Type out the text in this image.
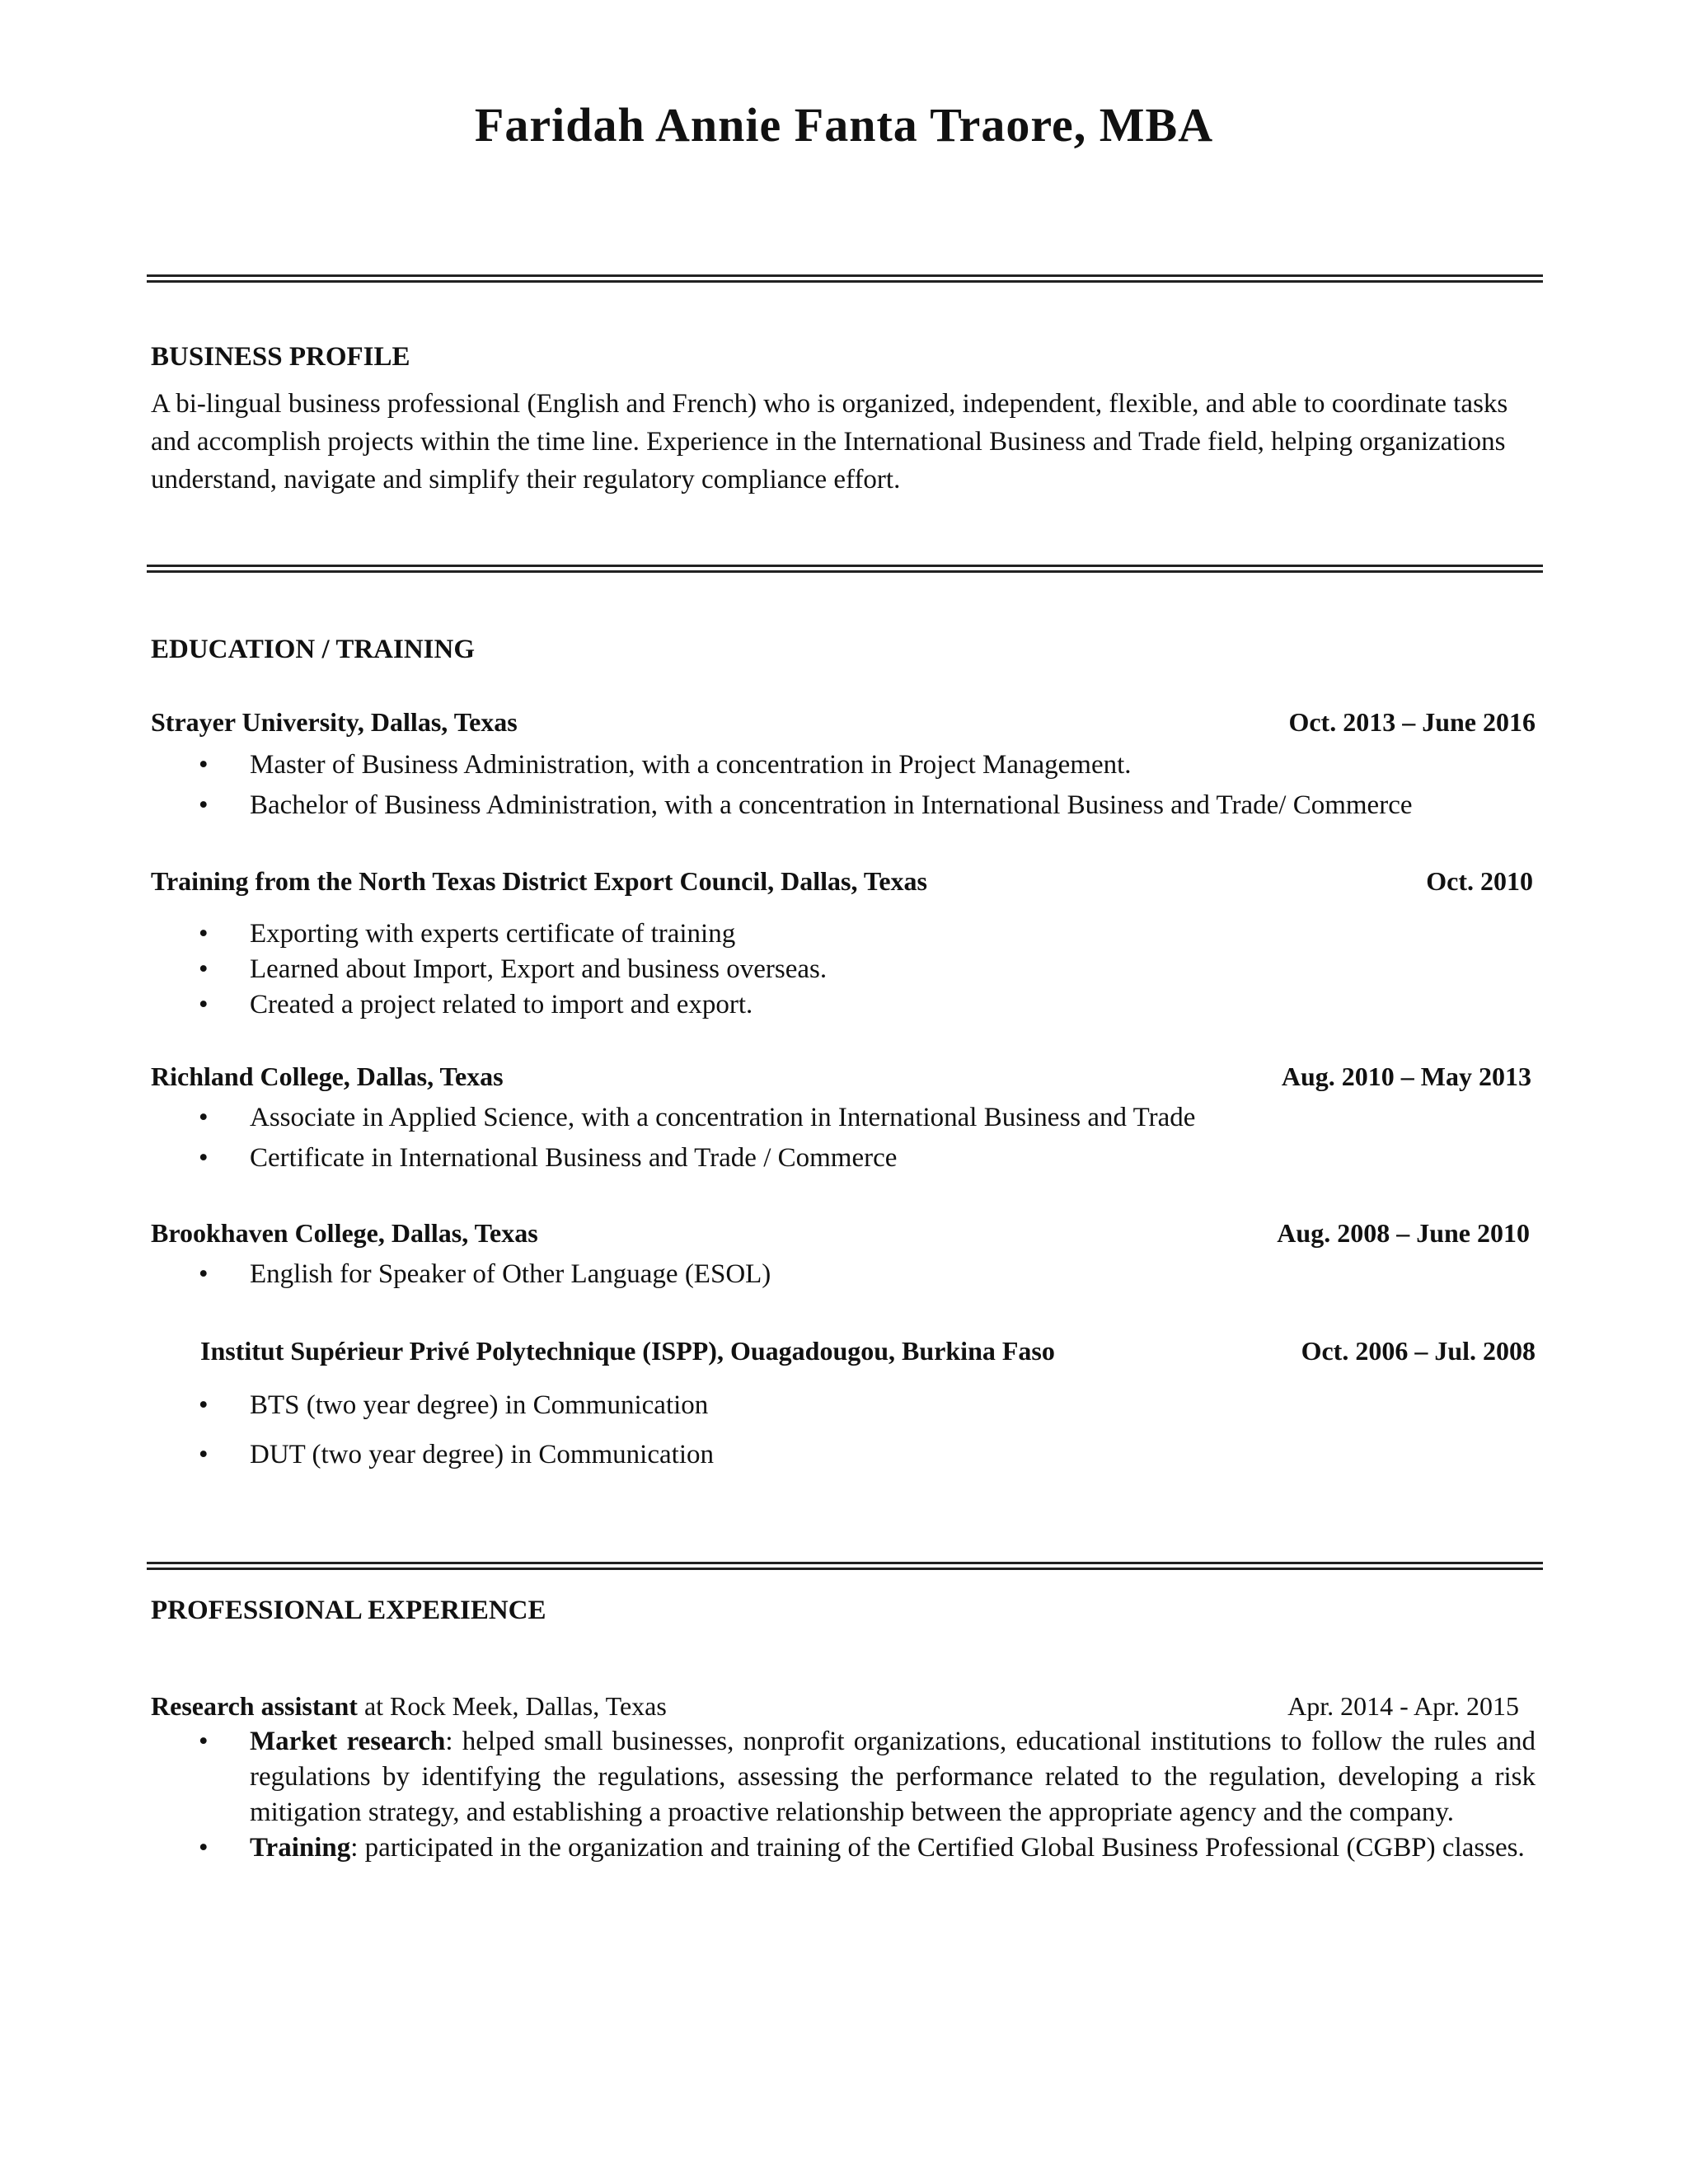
Faridah Annie Fanta Traore, MBA
BUSINESS PROFILE

A bi-lingual business professional (English and French) who is organized, independent, flexible, and able to coordinate tasks and accomplish projects within the time line. Experience in the International Business and Trade field, helping organizations understand, navigate and simplify their regulatory compliance effort.

EDUCATION / TRAINING
Strayer University, Dallas, Texas	Oct. 2013 – June 2016
• Master of Business Administration, with a concentration in Project Management.
• Bachelor of Business Administration, with a concentration in International Business and Trade/ Commerce
Training from the North Texas District Export Council, Dallas, Texas	Oct. 2010
• Exporting with experts certificate of training
• Learned about Import, Export and business overseas.
• Created a project related to import and export.
Richland College, Dallas, Texas	Aug. 2010 – May 2013
• Associate in Applied Science, with a concentration in International Business and Trade
• Certificate in International Business and Trade / Commerce
Brookhaven College, Dallas, Texas	Aug. 2008 – June 2010
• English for Speaker of Other Language (ESOL)
Institut Supérieur Privé Polytechnique (ISPP), Ouagadougou, Burkina Faso	Oct. 2006 – Jul. 2008
• BTS (two year degree) in Communication
• DUT (two year degree) in Communication
PROFESSIONAL EXPERIENCE
Research assistant at Rock Meek, Dallas, Texas	Apr. 2014 - Apr. 2015
• Market research: helped small businesses, nonprofit organizations, educational institutions to follow the rules and regulations by identifying the regulations, assessing the performance related to the regulation, developing a risk mitigation strategy, and establishing a proactive relationship between the appropriate agency and the company.
• Training: participated in the organization and training of the Certified Global Business Professional (CGBP) classes.
